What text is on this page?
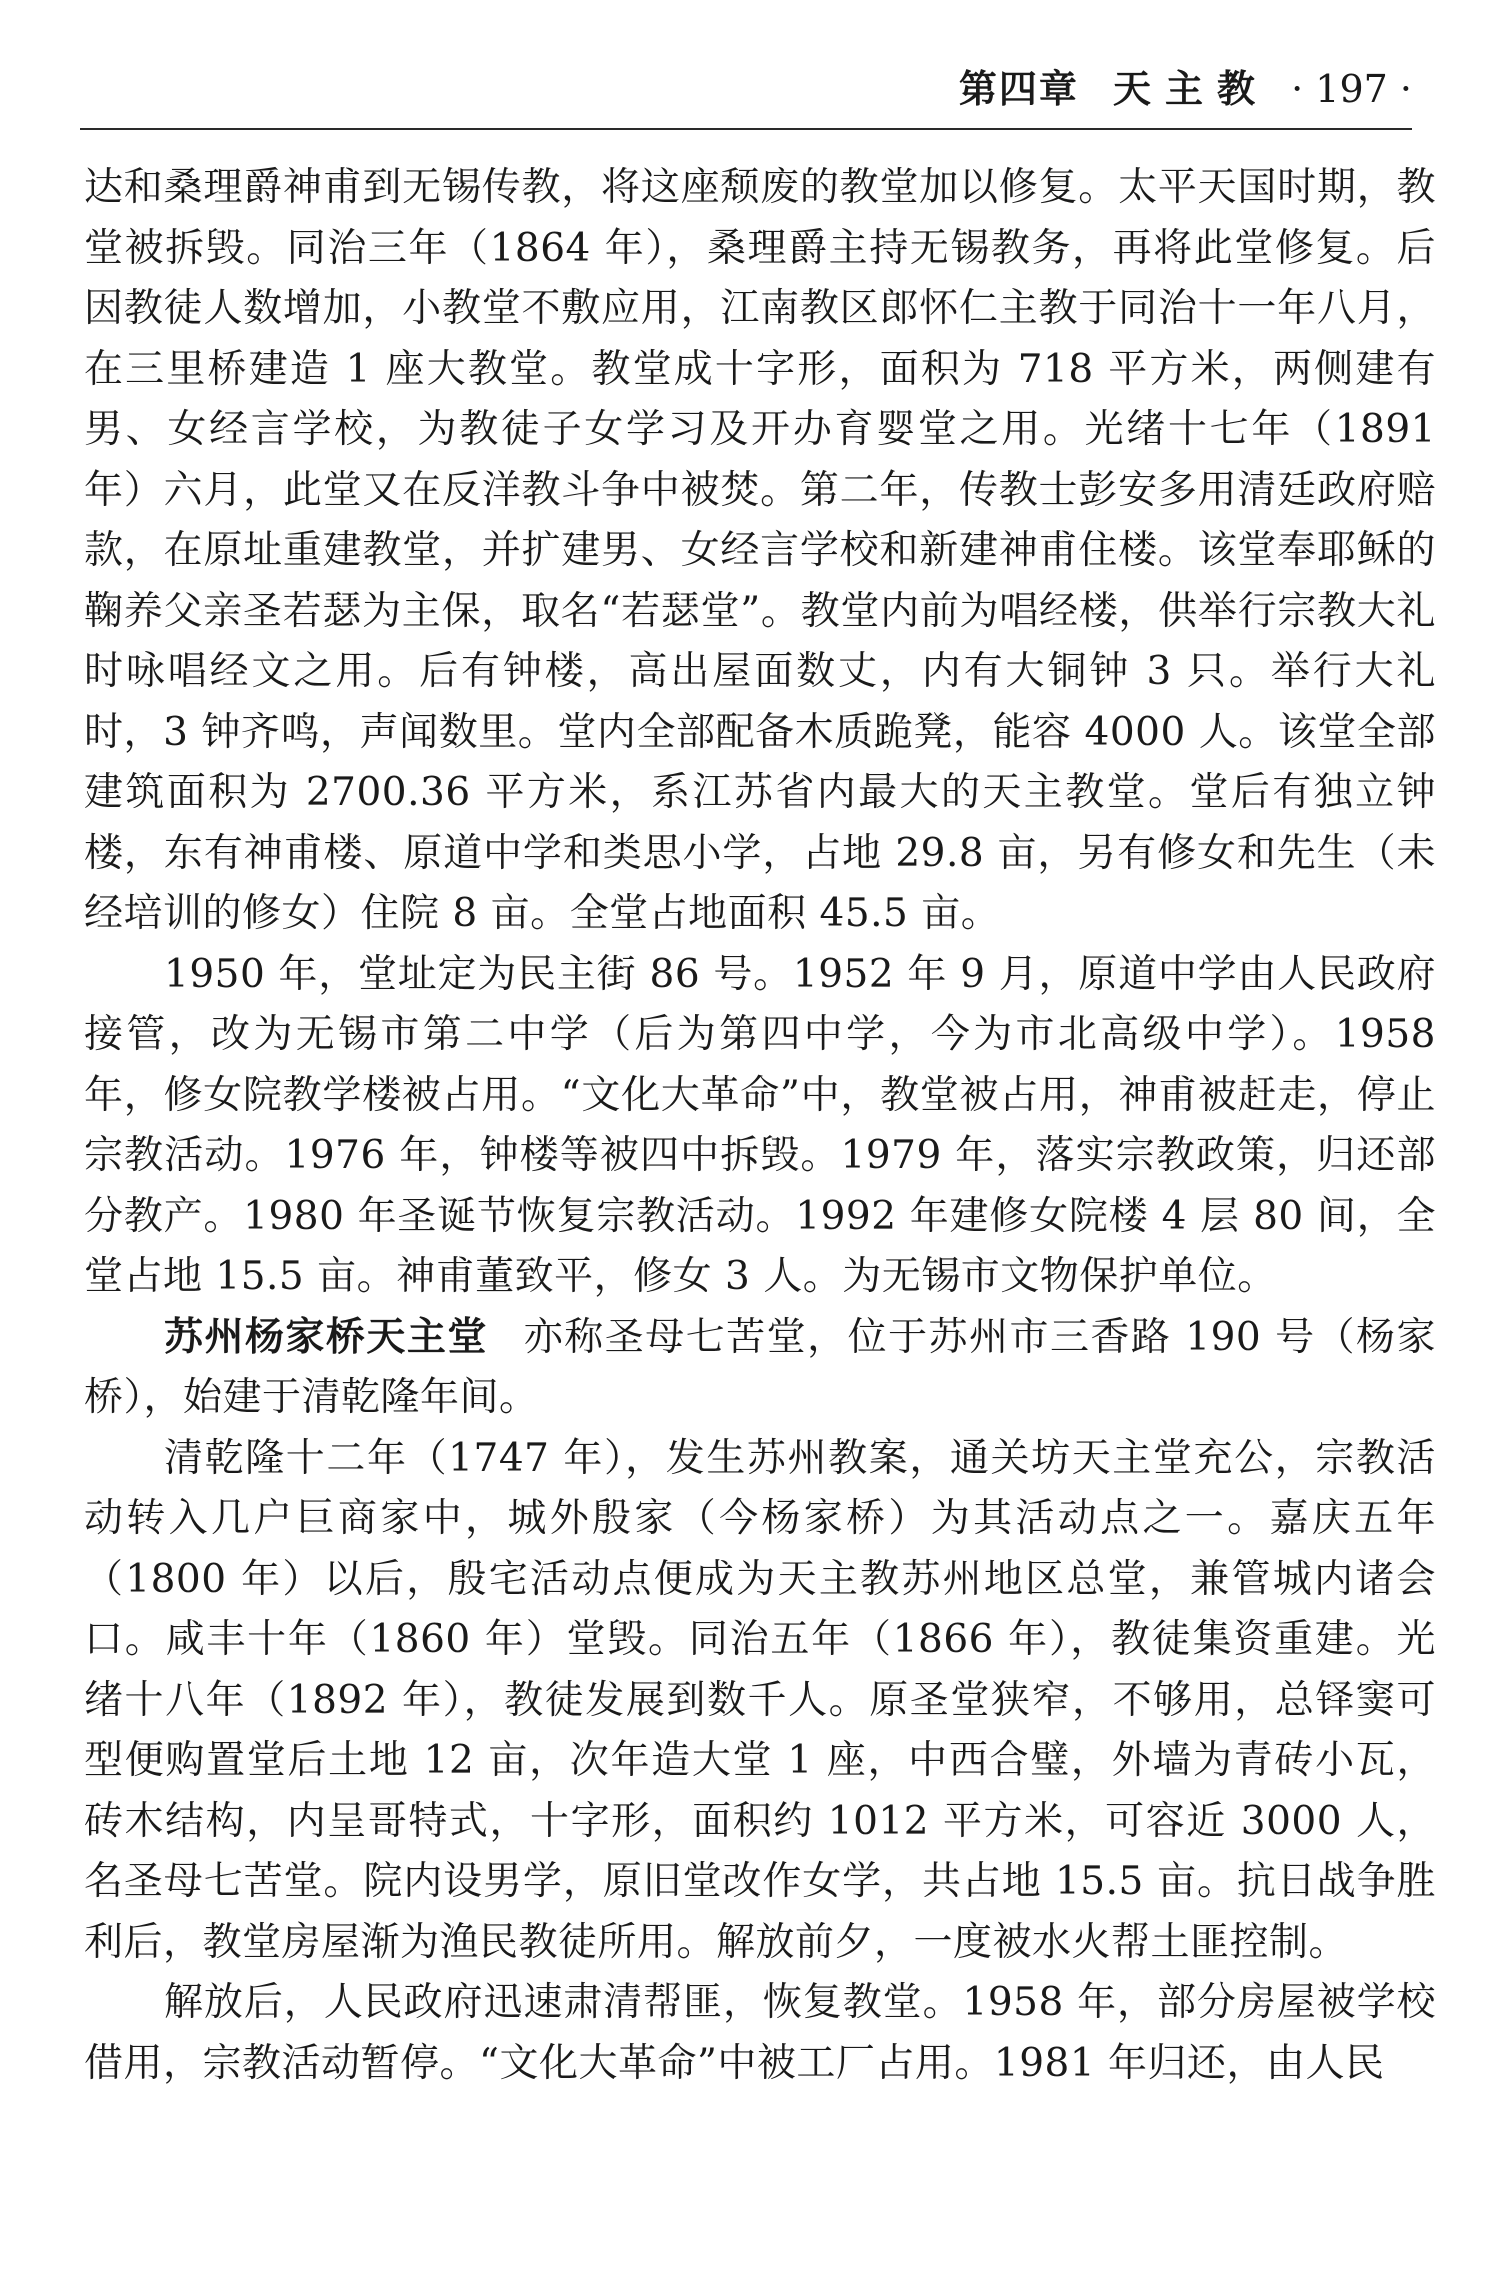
第四章 天主教 · 197 ·

达和桑理爵神甫到无锡传教，将这座颓废的教堂加以修复。太平天国时期，教堂被拆毁。同治三年（1864 年），桑理爵主持无锡教务，再将此堂修复。后因教徒人数增加，小教堂不敷应用，江南教区郎怀仁主教于同治十一年八月，在三里桥建造 1 座大教堂。教堂成十字形，面积为 718 平方米，两侧建有男、女经言学校，为教徒子女学习及开办育婴堂之用。光绪十七年（1891 年）六月，此堂又在反洋教斗争中被焚。第二年，传教士彭安多用清廷政府赔款，在原址重建教堂，并扩建男、女经言学校和新建神甫住楼。该堂奉耶稣的鞠养父亲圣若瑟为主保，取名“若瑟堂”。教堂内前为唱经楼，供举行宗教大礼时咏唱经文之用。后有钟楼，高出屋面数丈，内有大铜钟 3 只。举行大礼时，3 钟齐鸣，声闻数里。堂内全部配备木质跪凳，能容 4000 人。该堂全部建筑面积为 2700.36 平方米，系江苏省内最大的天主教堂。堂后有独立钟楼，东有神甫楼、原道中学和类思小学，占地 29.8 亩，另有修女和先生（未经培训的修女）住院 8 亩。全堂占地面积 45.5 亩。

1950 年，堂址定为民主街 86 号。1952 年 9 月，原道中学由人民政府接管，改为无锡市第二中学（后为第四中学，今为市北高级中学）。1958 年，修女院教学楼被占用。“文化大革命”中，教堂被占用，神甫被赶走，停止宗教活动。1976 年，钟楼等被四中拆毁。1979 年，落实宗教政策，归还部分教产。1980 年圣诞节恢复宗教活动。1992 年建修女院楼 4 层 80 间，全堂占地 15.5 亩。神甫董致平，修女 3 人。为无锡市文物保护单位。

苏州杨家桥天主堂 亦称圣母七苦堂，位于苏州市三香路 190 号（杨家桥），始建于清乾隆年间。

清乾隆十二年（1747 年），发生苏州教案，通关坊天主堂充公，宗教活动转入几户巨商家中，城外殷家（今杨家桥）为其活动点之一。嘉庆五年（1800 年）以后，殷宅活动点便成为天主教苏州地区总堂，兼管城内诸会口。咸丰十年（1860 年）堂毁。同治五年（1866 年），教徒集资重建。光绪十八年（1892 年），教徒发展到数千人。原圣堂狭窄，不够用，总铎窦可型便购置堂后土地 12 亩，次年造大堂 1 座，中西合璧，外墙为青砖小瓦，砖木结构，内呈哥特式，十字形，面积约 1012 平方米，可容近 3000 人，名圣母七苦堂。院内设男学，原旧堂改作女学，共占地 15.5 亩。抗日战争胜利后，教堂房屋渐为渔民教徒所用。解放前夕，一度被水火帮土匪控制。

解放后，人民政府迅速肃清帮匪，恢复教堂。1958 年，部分房屋被学校借用，宗教活动暂停。“文化大革命”中被工厂占用。1981 年归还，由人民
